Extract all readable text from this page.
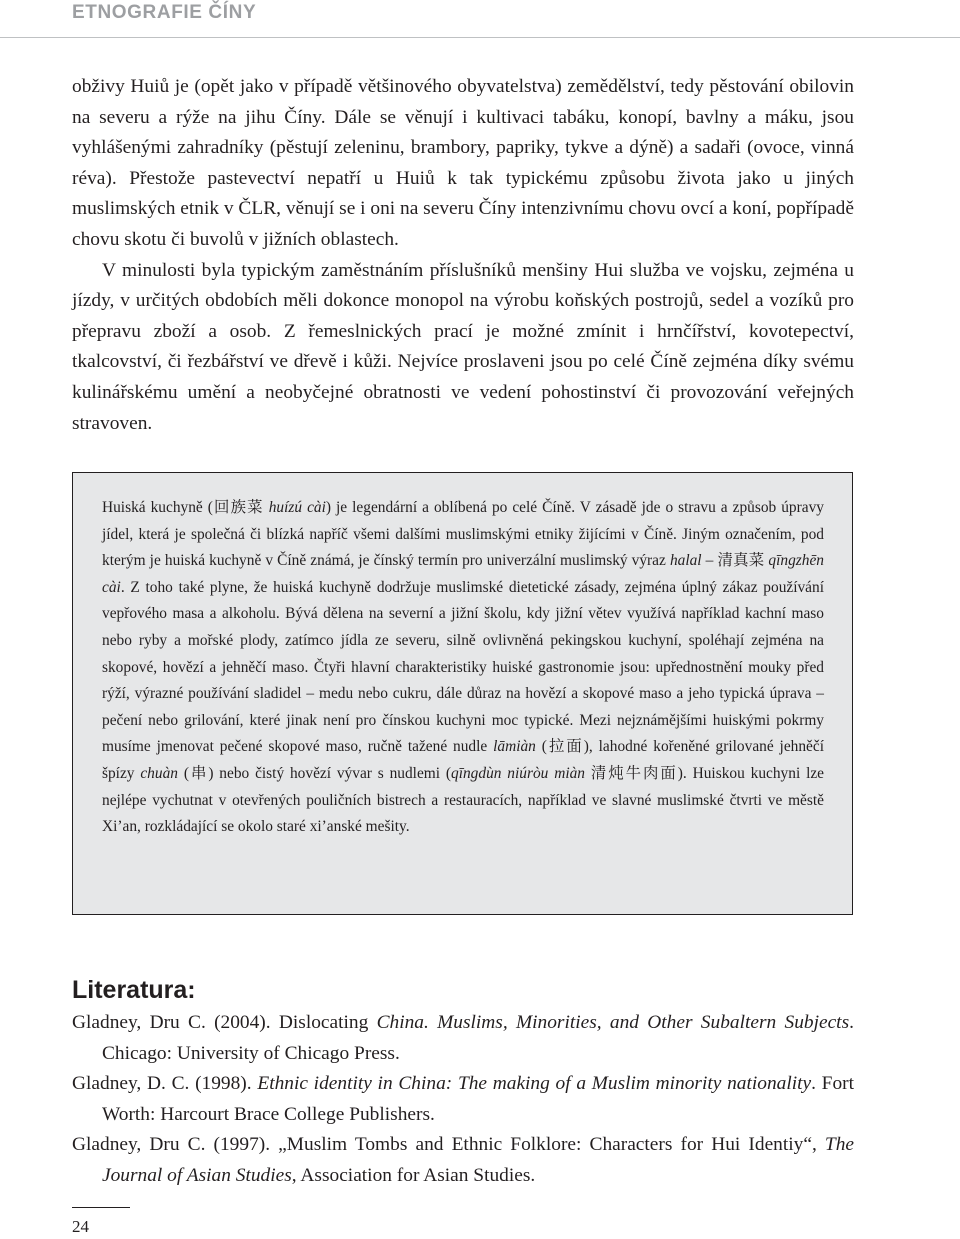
ETNOGRAFIE ČÍNY
obživy Huiů je (opět jako v případě většinového obyvatelstva) zemědělství, tedy pěstování obilovin na severu a rýže na jihu Číny. Dále se věnují i kultivaci tabáku, konopí, bavlny a máku, jsou vyhlášenými zahradníky (pěstují zeleninu, brambory, papriky, tykve a dýně) a sadaři (ovoce, vinná réva). Přestože pastevectví nepatří u Huiů k tak typickému způsobu života jako u jiných muslimských etnik v ČLR, věnují se i oni na severu Číny intenzivnímu chovu ovcí a koní, popřípadě chovu skotu či buvolů v jižních oblastech.
V minulosti byla typickým zaměstnáním příslušníků menšiny Hui služba ve vojsku, zejména u jízdy, v určitých obdobích měli dokonce monopol na výrobu koňských postrojů, sedel a vozíků pro přepravu zboží a osob. Z řemeslnických prací je možné zmínit i hrnčířství, kovotepectví, tkalcovství, či řezbářství ve dřevě i kůži. Nejvíce proslaveni jsou po celé Číně zejména díky svému kulinářskému umění a neobyčejné obratnosti ve vedení pohostinství či provozování veřejných stravoven.

Huiská kuchyně (回族菜 huízú cài) je legendární a oblíbená po celé Číně. V zásadě jde o stravu a způsob úpravy jídel, která je společná či blízká napříč všemi dalšími muslimskými etniky žijícími v Číně. Jiným označením, pod kterým je huiská kuchyně v Číně známá, je čínský termín pro univerzální muslimský výraz halal – 清真菜 qīngzhēn cài. Z toho také plyne, že huiská kuchyně dodržuje muslimské dietetické zásady, zejména úplný zákaz používání vepřového masa a alkoholu. Bývá dělena na severní a jižní školu, kdy jižní větev využívá například kachní maso nebo ryby a mořské plody, zatímco jídla ze severu, silně ovlivněná pekingskou kuchyní, spoléhají zejména na skopové, hovězí a jehněčí maso. Čtyři hlavní charakteristiky huiské gastronomie jsou: upřednostnění mouky před rýží, výrazné používání sladidel – medu nebo cukru, dále důraz na hovězí a skopové maso a jeho typická úprava – pečení nebo grilování, které jinak není pro čínskou kuchyni moc typické. Mezi nejznámějšími huiskými pokrmy musíme jmenovat pečené skopové maso, ručně tažené nudle lāmiàn (拉面), lahodné kořeněné grilované jehněčí špízy chuàn (串) nebo čistý hovězí vývar s nudlemi (qīngdùn niúròu miàn 清炖牛肉面). Huiskou kuchyni lze nejlépe vychutnat v otevřených pouličních bistrech a restauracích, například ve slavné muslimské čtvrti ve městě Xi’an, rozkládající se okolo staré xi’anské mešity.

Literatura:
Gladney, Dru C. (2004). Dislocating China. Muslims, Minorities, and Other Subaltern Subjects. Chicago: University of Chicago Press.
Gladney, D. C. (1998). Ethnic identity in China: The making of a Muslim minority nationality. Fort Worth: Harcourt Brace College Publishers.
Gladney, Dru C. (1997). „Muslim Tombs and Ethnic Folklore: Characters for Hui Identiy“, The Journal of Asian Studies, Association for Asian Studies.
24
